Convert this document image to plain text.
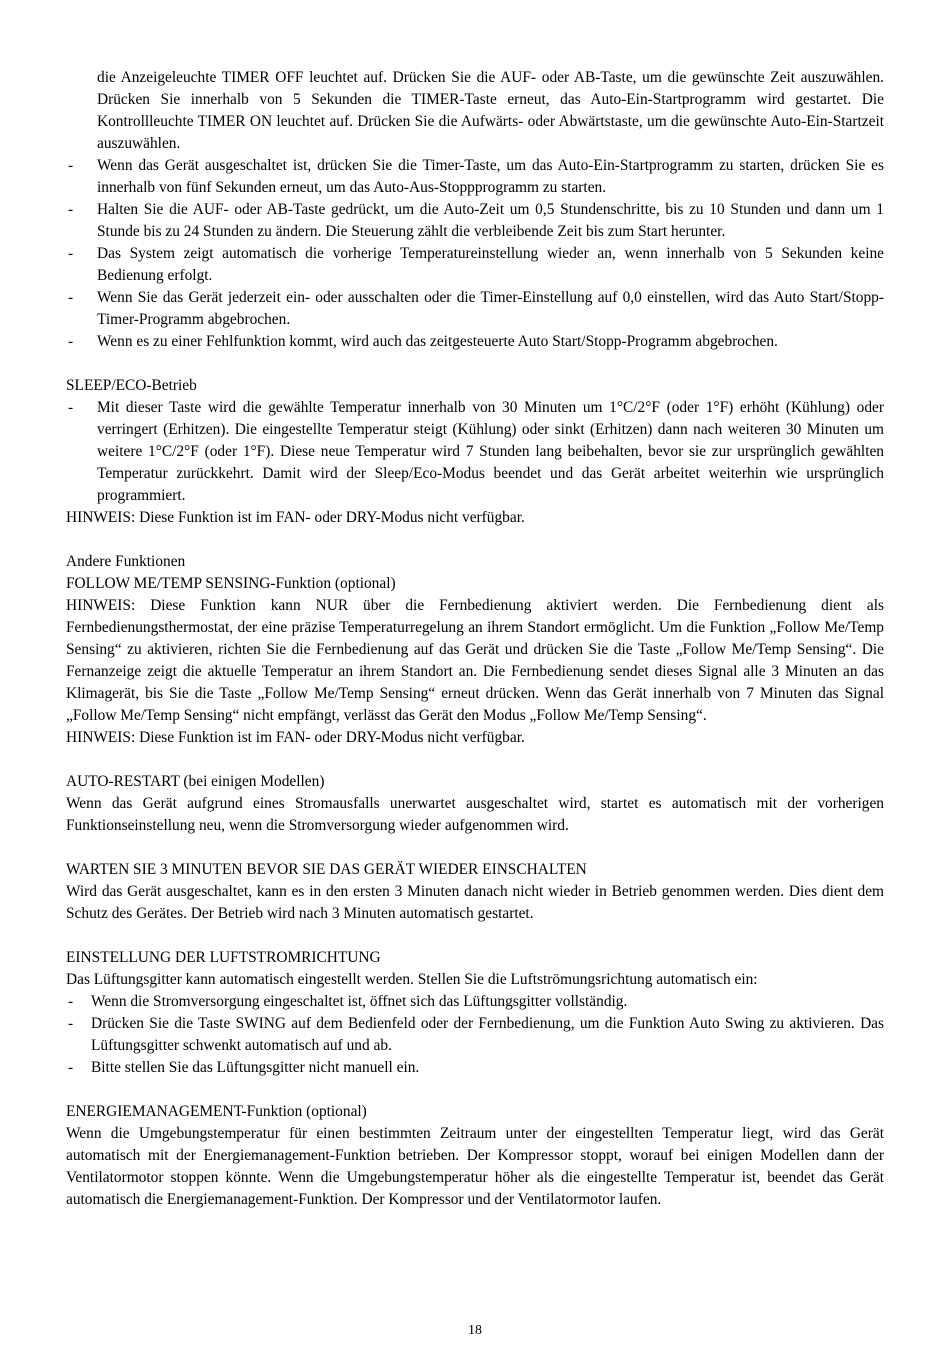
die Anzeigeleuchte TIMER OFF leuchtet auf. Drücken Sie die AUF- oder AB-Taste, um die gewünschte Zeit auszuwählen. Drücken Sie innerhalb von 5 Sekunden die TIMER-Taste erneut, das Auto-Ein-Startprogramm wird gestartet. Die Kontrollleuchte TIMER ON leuchtet auf. Drücken Sie die Aufwärts- oder Abwärtstaste, um die gewünschte Auto-Ein-Startzeit auszuwählen.

- Wenn das Gerät ausgeschaltet ist, drücken Sie die Timer-Taste, um das Auto-Ein-Startprogramm zu starten, drücken Sie es innerhalb von fünf Sekunden erneut, um das Auto-Aus-Stoppprogramm zu starten.
- Halten Sie die AUF- oder AB-Taste gedrückt, um die Auto-Zeit um 0,5 Stundenschritte, bis zu 10 Stunden und dann um 1 Stunde bis zu 24 Stunden zu ändern. Die Steuerung zählt die verbleibende Zeit bis zum Start herunter.
- Das System zeigt automatisch die vorherige Temperatureinstellung wieder an, wenn innerhalb von 5 Sekunden keine Bedienung erfolgt.
- Wenn Sie das Gerät jederzeit ein- oder ausschalten oder die Timer-Einstellung auf 0,0 einstellen, wird das Auto Start/Stopp-Timer-Programm abgebrochen.
- Wenn es zu einer Fehlfunktion kommt, wird auch das zeitgesteuerte Auto Start/Stopp-Programm abgebrochen.

SLEEP/ECO-Betrieb

- Mit dieser Taste wird die gewählte Temperatur innerhalb von 30 Minuten um 1°C/2°F (oder 1°F) erhöht (Kühlung) oder verringert (Erhitzen). Die eingestellte Temperatur steigt (Kühlung) oder sinkt (Erhitzen) dann nach weiteren 30 Minuten um weitere 1°C/2°F (oder 1°F). Diese neue Temperatur wird 7 Stunden lang beibehalten, bevor sie zur ursprünglich gewählten Temperatur zurückkehrt. Damit wird der Sleep/Eco-Modus beendet und das Gerät arbeitet weiterhin wie ursprünglich programmiert.

HINWEIS: Diese Funktion ist im FAN- oder DRY-Modus nicht verfügbar.

Andere Funktionen

FOLLOW ME/TEMP SENSING-Funktion (optional)

HINWEIS: Diese Funktion kann NUR über die Fernbedienung aktiviert werden. Die Fernbedienung dient als Fernbedienungsthermostat, der eine präzise Temperaturregelung an ihrem Standort ermöglicht. Um die Funktion „Follow Me/Temp Sensing“ zu aktivieren, richten Sie die Fernbedienung auf das Gerät und drücken Sie die Taste „Follow Me/Temp Sensing“. Die Fernanzeige zeigt die aktuelle Temperatur an ihrem Standort an. Die Fernbedienung sendet dieses Signal alle 3 Minuten an das Klimagerät, bis Sie die Taste „Follow Me/Temp Sensing“ erneut drücken. Wenn das Gerät innerhalb von 7 Minuten das Signal „Follow Me/Temp Sensing“ nicht empfängt, verlässt das Gerät den Modus „Follow Me/Temp Sensing“.

HINWEIS: Diese Funktion ist im FAN- oder DRY-Modus nicht verfügbar.

AUTO-RESTART (bei einigen Modellen)

Wenn das Gerät aufgrund eines Stromausfalls unerwartet ausgeschaltet wird, startet es automatisch mit der vorherigen Funktionseinstellung neu, wenn die Stromversorgung wieder aufgenommen wird.

WARTEN SIE 3 MINUTEN BEVOR SIE DAS GERÄT WIEDER EINSCHALTEN

Wird das Gerät ausgeschaltet, kann es in den ersten 3 Minuten danach nicht wieder in Betrieb genommen werden. Dies dient dem Schutz des Gerätes. Der Betrieb wird nach 3 Minuten automatisch gestartet.

EINSTELLUNG DER LUFTSTROMRICHTUNG

Das Lüftungsgitter kann automatisch eingestellt werden. Stellen Sie die Luftströmungsrichtung automatisch ein:

- Wenn die Stromversorgung eingeschaltet ist, öffnet sich das Lüftungsgitter vollständig.
- Drücken Sie die Taste SWING auf dem Bedienfeld oder der Fernbedienung, um die Funktion Auto Swing zu aktivieren. Das Lüftungsgitter schwenkt automatisch auf und ab.
- Bitte stellen Sie das Lüftungsgitter nicht manuell ein.

ENERGIEMANAGEMENT-Funktion (optional)

Wenn die Umgebungstemperatur für einen bestimmten Zeitraum unter der eingestellten Temperatur liegt, wird das Gerät automatisch mit der Energiemanagement-Funktion betrieben. Der Kompressor stoppt, worauf bei einigen Modellen dann der Ventilatormotor stoppen könnte. Wenn die Umgebungstemperatur höher als die eingestellte Temperatur ist, beendet das Gerät automatisch die Energiemanagement-Funktion. Der Kompressor und der Ventilatormotor laufen.

18
